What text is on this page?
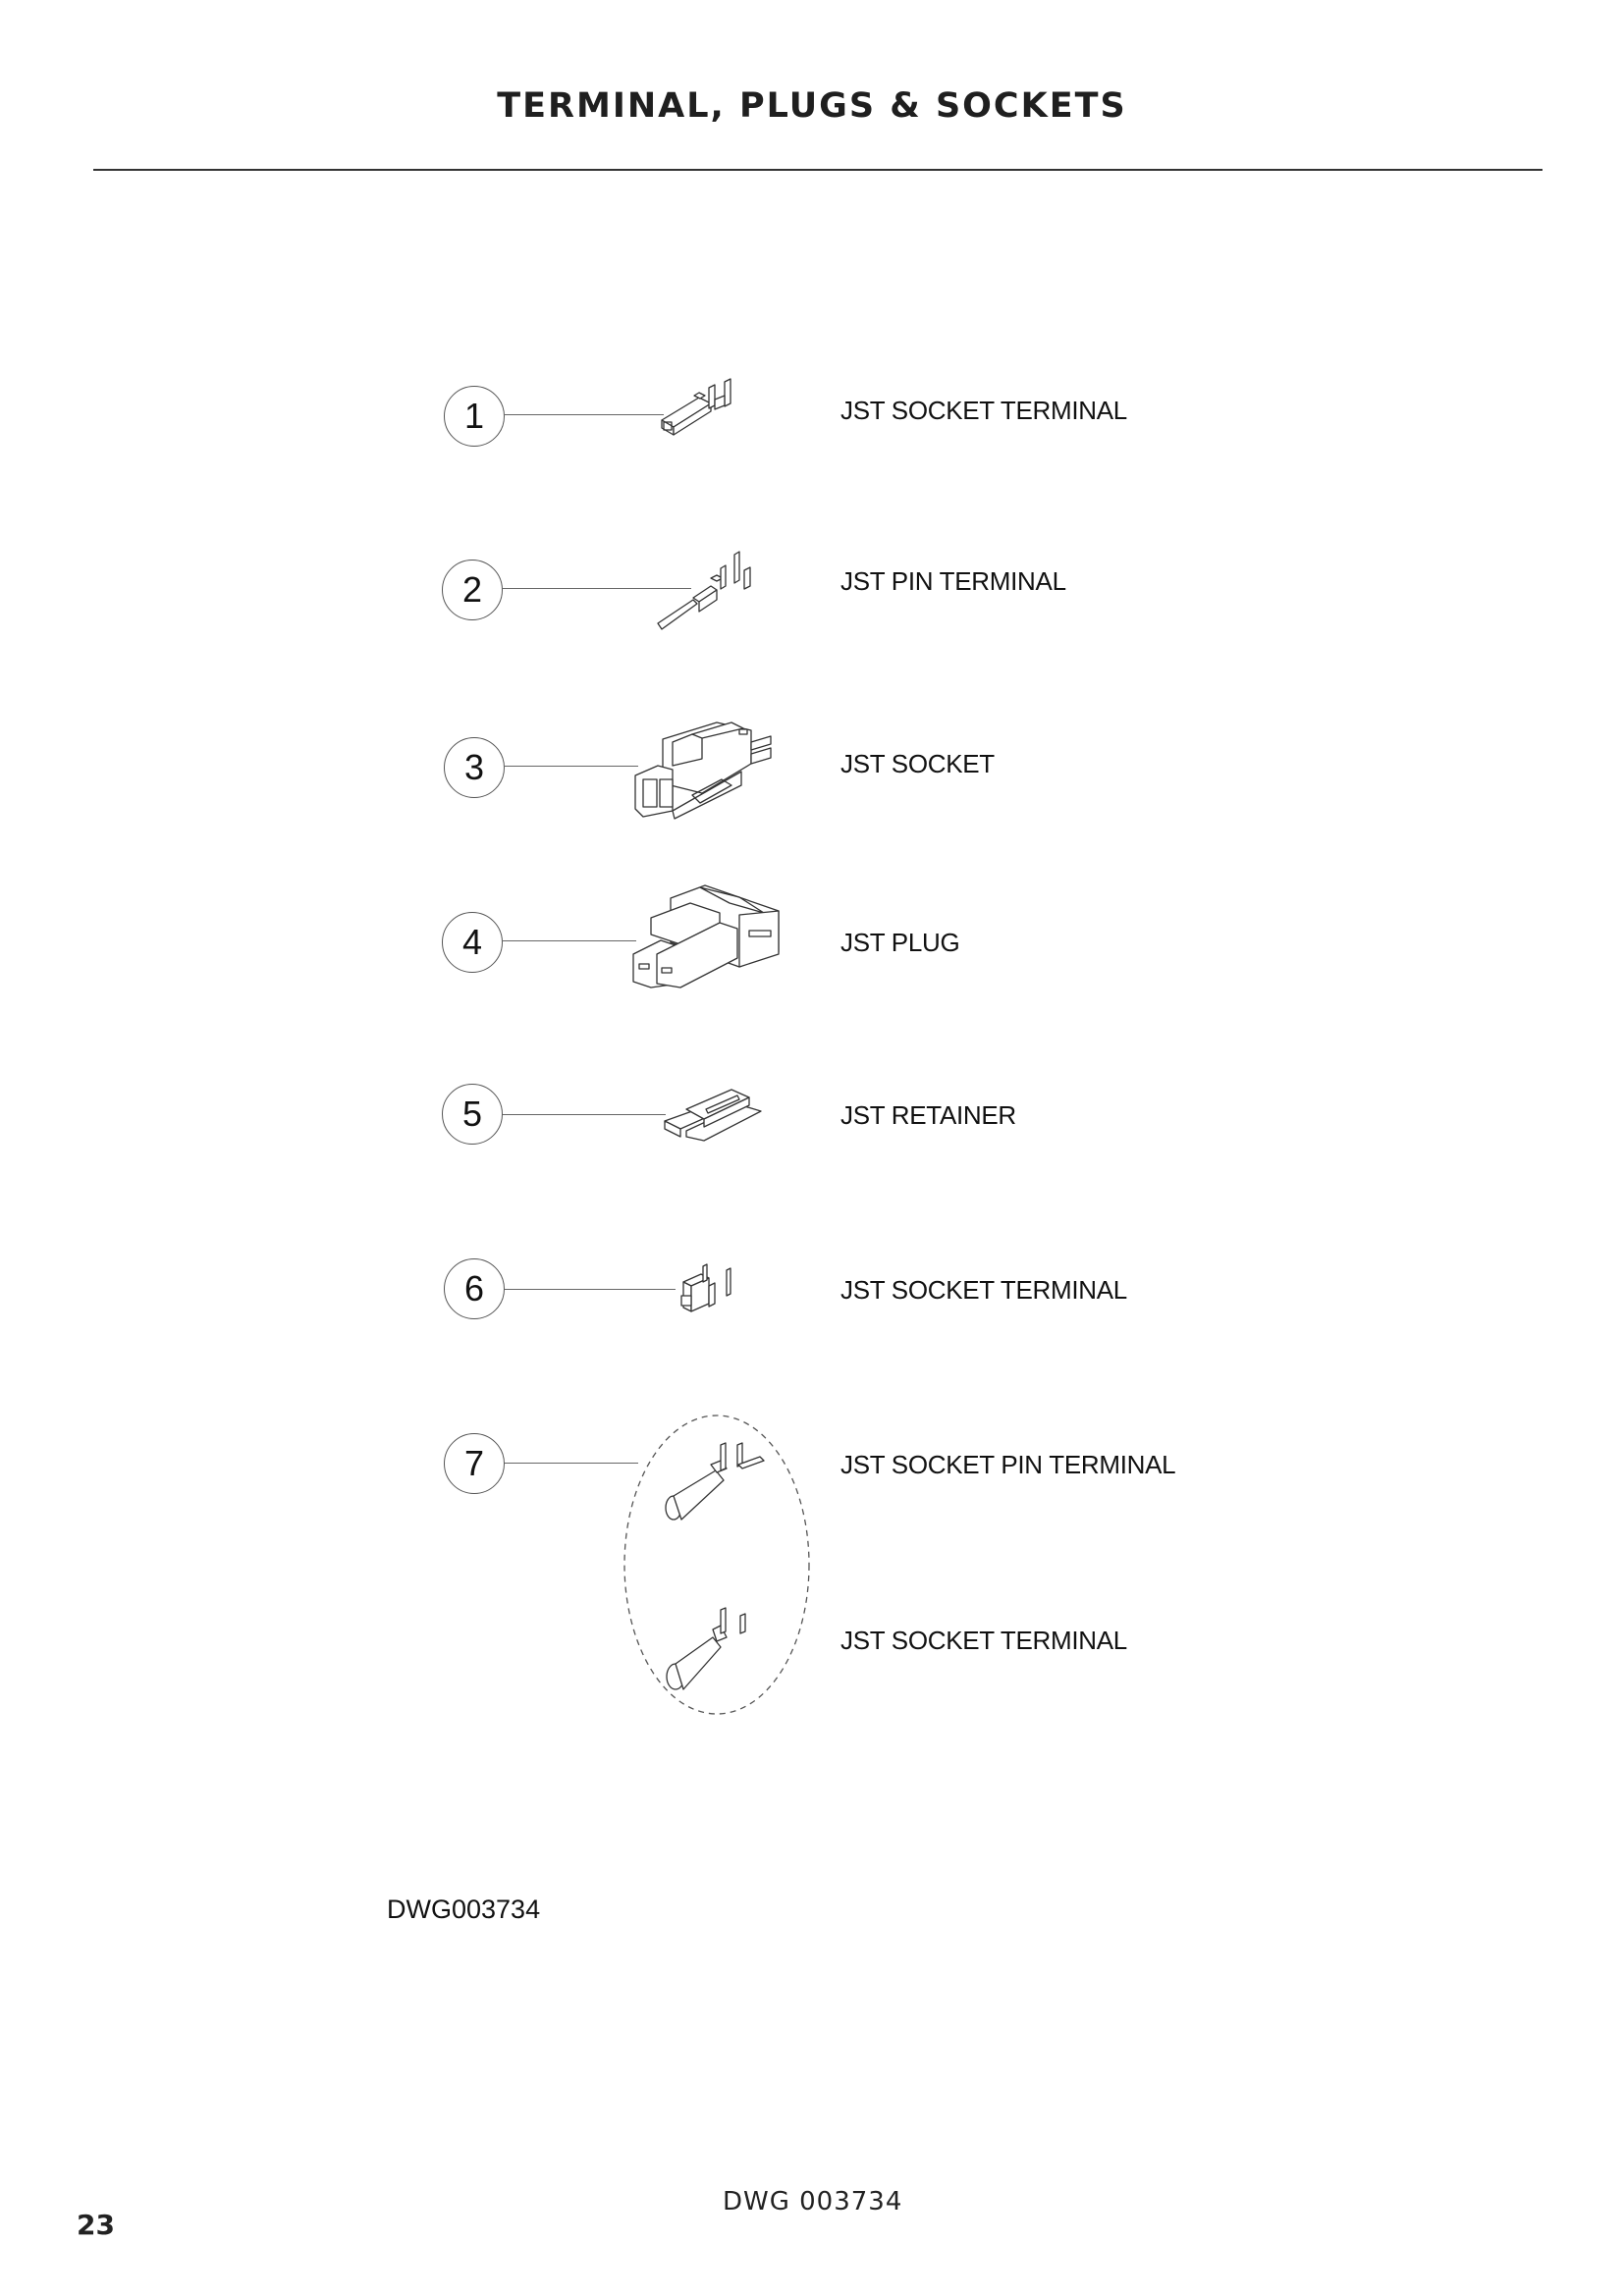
TERMINAL, PLUGS & SOCKETS
1	JST SOCKET TERMINAL
2	JST PIN TERMINAL
3	JST SOCKET
4	JST PLUG
5	JST RETAINER
6	JST SOCKET TERMINAL
7	JST SOCKET PIN TERMINAL
JST SOCKET TERMINAL
DWG003734
DWG 003734
23
